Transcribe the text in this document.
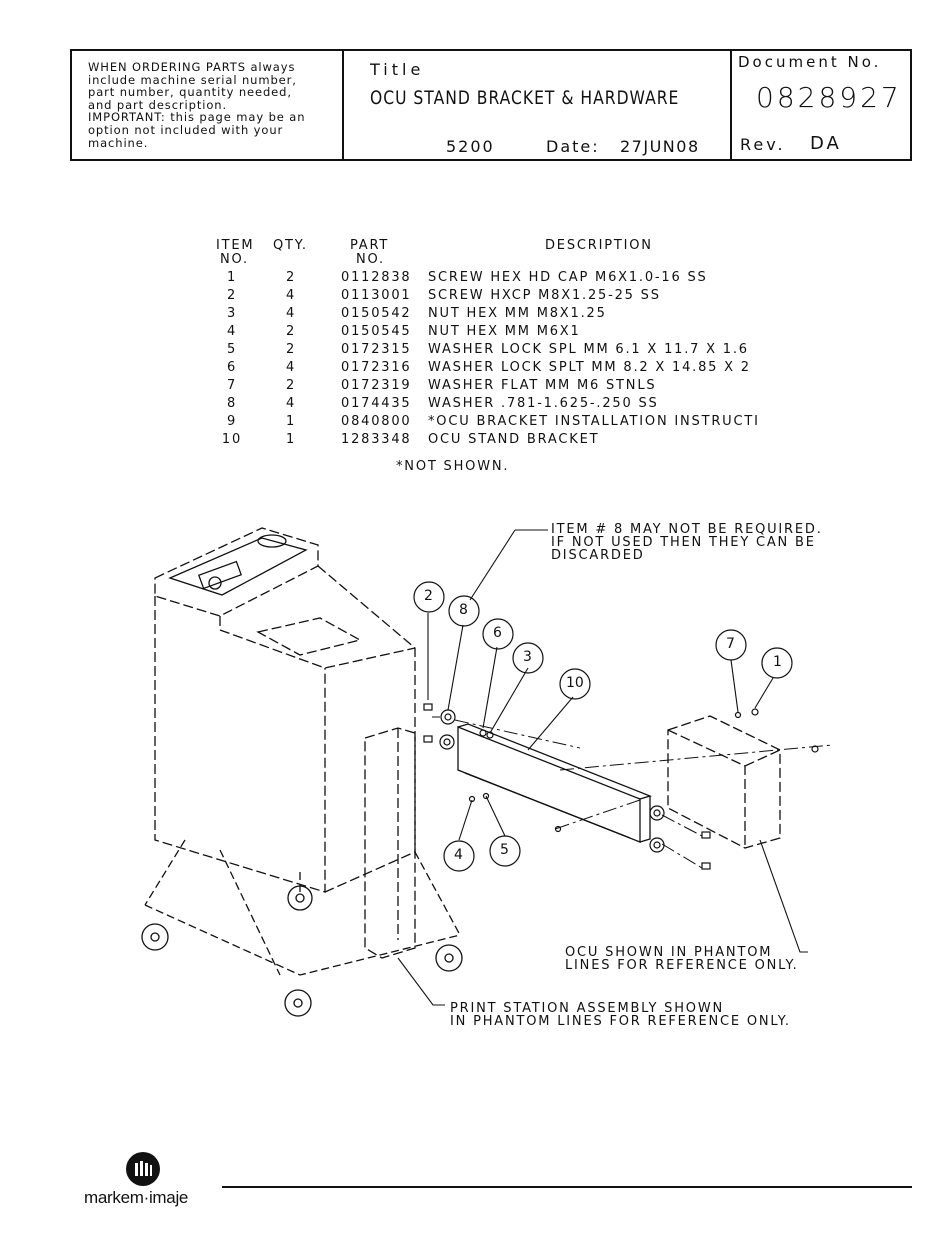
WHEN ORDERING PARTS always
include machine serial number,
part number, quantity needed,
and part description.
IMPORTANT: this page may be an
option not included with your
machine.
Title
OCU STAND BRACKET & HARDWARE
5200	Date: 27JUN08
Document No.
0828927
Rev. DA
ITEM
NO.
QTY.	PART
NO.
DESCRIPTION
1	2	0112838 SCREW HEX HD CAP M6X1.0-16 SS
2	4	0113001 SCREW HXCP M8X1.25-25 SS
3	4	0150542 NUT HEX MM M8X1.25
4	2	0150545 NUT HEX MM M6X1
5	2	0172315 WASHER LOCK SPL MM 6.1 X 11.7 X 1.6
6	4	0172316 WASHER LOCK SPLT MM 8.2 X 14.85 X 2
7	2	0172319 WASHER FLAT MM M6 STNLS
8	4	0174435 WASHER .781-1.625-.250 SS
9	1	0840800 *OCU BRACKET INSTALLATION INSTRUCTI
10	1	1283348 OCU STAND BRACKET
*NOT SHOWN.
2
8
6
3
10
7
1
4	5
ITEM # 8 MAY NOT BE REQUIRED.
IF NOT USED THEN THEY CAN BE
DISCARDED
OCU SHOWN IN PHANTOM
LINES FOR REFERENCE ONLY.
PRINT STATION ASSEMBLY SHOWN
IN PHANTOM LINES FOR REFERENCE ONLY.
markem·imaje
